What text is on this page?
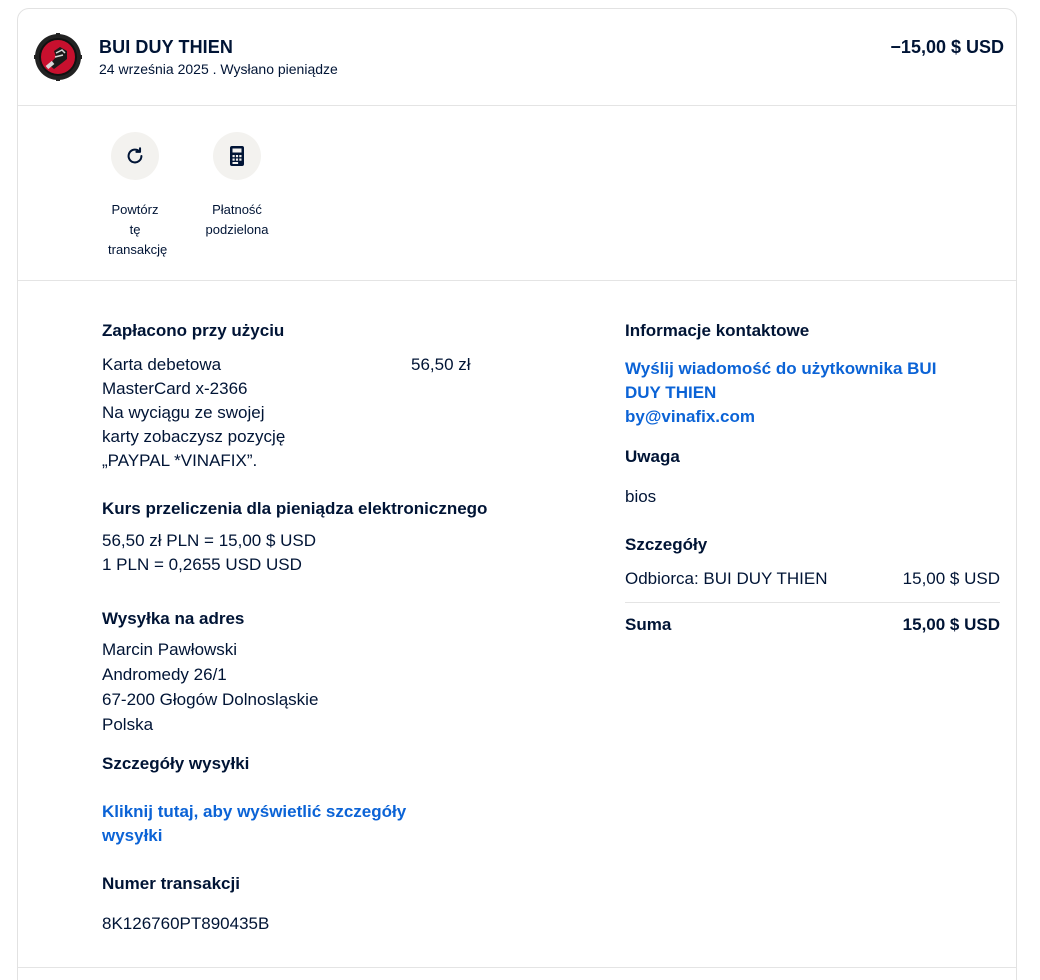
BUI DUY THIEN
24 września 2025 . Wysłano pieniądze
−15,00 $ USD
Powtórz tę transakcję
Płatność podzielona
Zapłacono przy użyciu
Karta debetowa
MasterCard x-2366
Na wyciągu ze swojej
karty zobaczysz pozycję
„PAYPAL *VINAFIX”.
56,50 zł
Kurs przeliczenia dla pieniądza elektronicznego
56,50 zł PLN = 15,00 $ USD
1 PLN = 0,2655 USD USD
Wysyłka na adres
Marcin Pawłowski
Andromedy 26/1
67-200 Głogów Dolnosląskie
Polska
Szczegóły wysyłki
Kliknij tutaj, aby wyświetlić szczegóły
wysyłki
Numer transakcji
8K126760PT890435B
Informacje kontaktowe
Wyślij wiadomość do użytkownika BUI
DUY THIEN
by@vinafix.com
Uwaga
bios
Szczegóły
Odbiorca: BUI DUY THIEN	15,00 $ USD
Suma	15,00 $ USD
